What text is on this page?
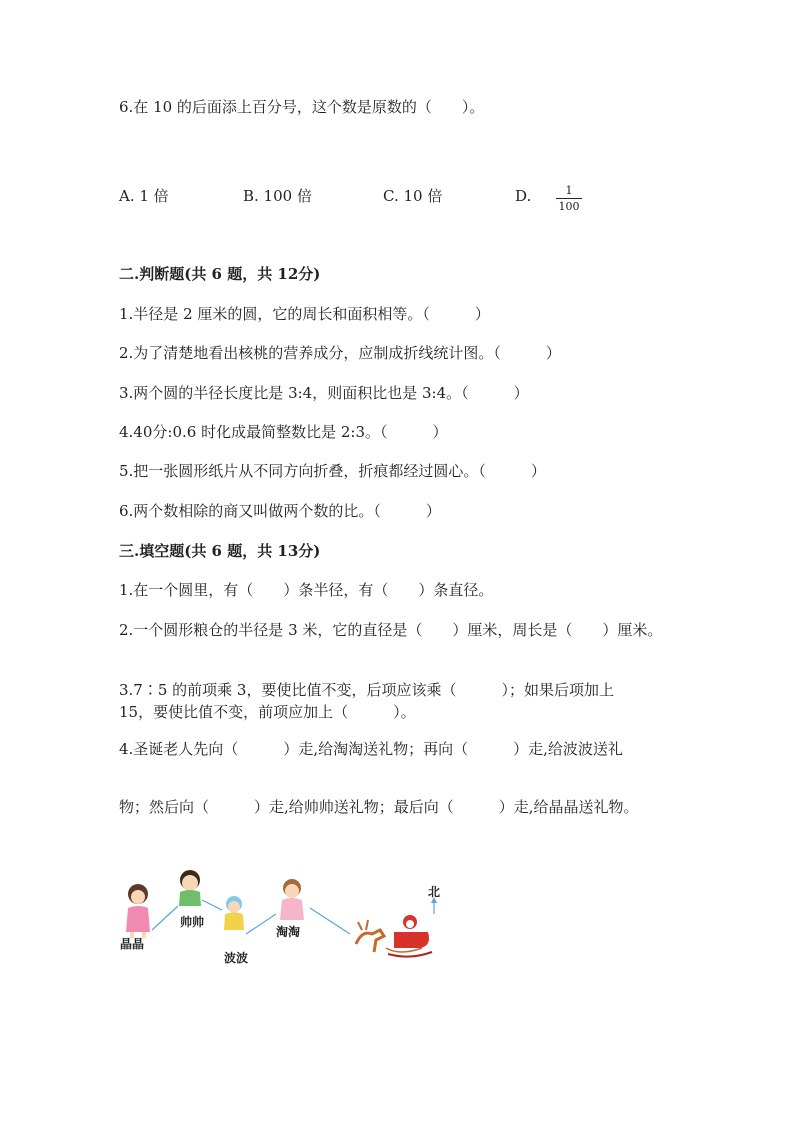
6.在 10 的后面添上百分号，这个数是原数的（　　）。
A. 1 倍	B. 100 倍	C. 10 倍	D.	1
100
二.判断题(共 6 题，共 12分)
1.半径是 2 厘米的圆，它的周长和面积相等。（　　　）
2.为了清楚地看出核桃的营养成分，应制成折线统计图。（　　　）
3.两个圆的半径长度比是 3:4，则面积比也是 3:4。（　　　）
4.40分:0.6 时化成最简整数比是 2:3。（　　　）
5.把一张圆形纸片从不同方向折叠，折痕都经过圆心。（　　　）
6.两个数相除的商又叫做两个数的比。（　　　）
三.填空题(共 6 题，共 13分)
1.在一个圆里，有（　　）条半径，有（　　）条直径。
2.一个圆形粮仓的半径是 3 米，它的直径是（　　）厘米，周长是（　　）厘米。
3.7∶5 的前项乘 3，要使比值不变，后项应该乘（　　　）；如果后项加上 15，要使比值不变，前项应加上（　　　）。
4.圣诞老人先向（　　　）走,给淘淘送礼物；再向（　　　）走,给波波送礼
物；然后向（　　　）走,给帅帅送礼物；最后向（　　　）走,给晶晶送礼物。
晶晶
帅帅
波波
淘淘
北
